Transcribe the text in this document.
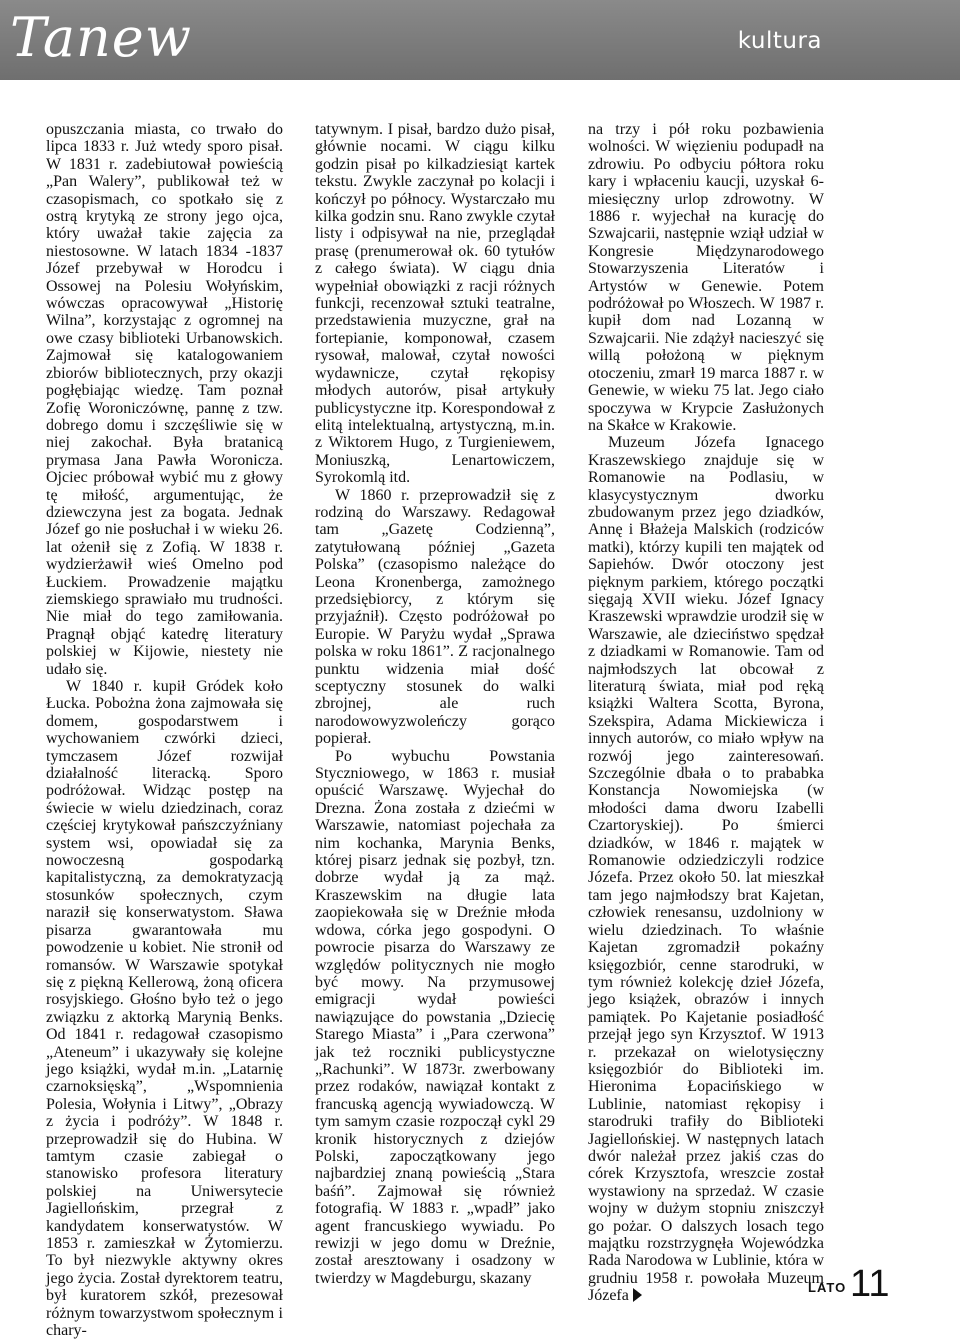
Tanew	kultura

opuszczania miasta, co trwało do lipca 1833 r. Już wtedy sporo pisał. W 1831 r. zadebiutował powieścią „Pan Walery”, publikował też w czasopismach, co spotkało się z ostrą krytyką ze strony jego ojca, który uważał takie zajęcia za niestosowne. W latach 1834 -1837 Józef przebywał w Horodcu i Ossowej na Polesiu Wołyńskim, wówczas opracowywał „Historię Wilna”, korzystając z ogromnej na owe czasy biblioteki Urbanowskich. Zajmował się katalogowaniem zbiorów bibliotecznych, przy okazji pogłębiając wiedzę. Tam poznał Zofię Woroniczównę, pannę z tzw. dobrego domu i szczęśliwie się w niej zakochał. Była bratanicą prymasa Jana Pawła Woronicza. Ojciec próbował wybić mu z głowy tę miłość, argumentując, że dziewczyna jest za bogata. Jednak Józef go nie posłuchał i w wieku 26. lat ożenił się z Zofią. W 1838 r. wydzierżawił wieś Omelno pod Łuckiem. Prowadzenie majątku ziemskiego sprawiało mu trudności. Nie miał do tego zamiłowania. Pragnął objąć katedrę literatury polskiej w Kijowie, niestety nie udało się.

W 1840 r. kupił Gródek koło Łucka. Pobożna żona zajmowała się domem, gospodarstwem i wychowaniem czwórki dzieci, tymczasem Józef rozwijał działalność literacką. Sporo podróżował. Widząc postęp na świecie w wielu dziedzinach, coraz częściej krytykował pańszczyźniany system wsi, opowiadał się za nowoczesną gospodarką kapitalistyczną, za demokratyzacją stosunków społecznych, czym naraził się konserwatystom. Sława pisarza gwarantowała mu powodzenie u kobiet. Nie stronił od romansów. W Warszawie spotykał się z piękną Kellerową, żoną oficera rosyjskiego. Głośno było też o jego związku z aktorką Marynią Benks. Od 1841 r. redagował czasopismo „Ateneum” i ukazywały się kolejne jego książki, wydał m.in. „Latarnię czarnoksięską”, „Wspomnienia Polesia, Wołynia i Litwy”, „Obrazy z życia i podróży”. W 1848 r. przeprowadził się do Hubina. W tamtym czasie zabiegał o stanowisko profesora literatury polskiej na Uniwersytecie Jagiellońskim, przegrał z kandydatem konserwatystów. W 1853 r. zamieszkał w Żytomierzu. To był niezwykle aktywny okres jego życia. Został dyrektorem teatru, był kuratorem szkół, prezesował różnym towarzystwom społecznym i chary-

tatywnym. I pisał, bardzo dużo pisał, głównie nocami. W ciągu kilku godzin pisał po kilkadziesiąt kartek tekstu. Zwykle zaczynał po kolacji i kończył po północy. Wystarczało mu kilka godzin snu. Rano zwykle czytał listy i odpisywał na nie, przeglądał prasę (prenumerował ok. 60 tytułów z całego świata). W ciągu dnia wypełniał obowiązki z racji różnych funkcji, recenzował sztuki teatralne, przedstawienia muzyczne, grał na fortepianie, komponował, czasem rysował, malował, czytał nowości wydawnicze, czytał rękopisy młodych autorów, pisał artykuły publicystyczne itp. Korespondował z elitą intelektualną, artystyczną, m.in. z Wiktorem Hugo, z Turgieniewem, Moniuszką, Lenartowiczem, Syrokomlą itd.

W 1860 r. przeprowadził się z rodziną do Warszawy. Redagował tam „Gazetę Codzienną”, zatytułowaną później „Gazeta Polska” (czasopismo należące do Leona Kronenberga, zamożnego przedsiębiorcy, z którym się przyjaźnił). Często podróżował po Europie. W Paryżu wydał „Sprawa polska w roku 1861”. Z racjonalnego punktu widzenia miał dość sceptyczny stosunek do walki zbrojnej, ale ruch narodowowyzwoleńczy gorąco popierał.

Po wybuchu Powstania Styczniowego, w 1863 r. musiał opuścić Warszawę. Wyjechał do Drezna. Żona została z dziećmi w Warszawie, natomiast pojechała za nim kochanka, Marynia Benks, której pisarz jednak się pozbył, tzn. dobrze wydał ją za mąż. Kraszewskim na długie lata zaopiekowała się w Dreźnie młoda wdowa, córka jego gospodyni. O powrocie pisarza do Warszawy ze względów politycznych nie mogło być mowy. Na przymusowej emigracji wydał powieści nawiązujące do powstania „Dziecię Starego Miasta” i „Para czerwona” jak też roczniki publicystyczne „Rachunki”. W 1873r. zwerbowany przez rodaków, nawiązał kontakt z francuską agencją wywiadowczą. W tym samym czasie rozpoczął cykl 29 kronik historycznych z dziejów Polski, zapoczątkowany jego najbardziej znaną powieścią „Stara baśń”. Zajmował się również fotografią. W 1883 r. „wpadł” jako agent francuskiego wywiadu. Po rewizji w jego domu w Dreźnie, został aresztowany i osadzony w twierdzy w Magdeburgu, skazany

na trzy i pół roku pozbawienia wolności. W więzieniu podupadł na zdrowiu. Po odbyciu półtora roku kary i wpłaceniu kaucji, uzyskał 6-miesięczny urlop zdrowotny. W 1886 r. wyjechał na kurację do Szwajcarii, następnie wziął udział w Kongresie Międzynarodowego Stowarzyszenia Literatów i Artystów w Genewie. Potem podróżował po Włoszech. W 1987 r. kupił dom nad Lozanną w Szwajcarii. Nie zdążył nacieszyć się willą położoną w pięknym otoczeniu, zmarł 19 marca 1887 r. w Genewie, w wieku 75 lat. Jego ciało spoczywa w Krypcie Zasłużonych na Skałce w Krakowie.

Muzeum Józefa Ignacego Kraszewskiego znajduje się w Romanowie na Podlasiu, w klasycystycznym dworku zbudowanym przez jego dziadków, Annę i Błażeja Malskich (rodziców matki), którzy kupili ten majątek od Sapiehów. Dwór otoczony jest pięknym parkiem, którego początki sięgają XVII wieku. Józef Ignacy Kraszewski wprawdzie urodził się w Warszawie, ale dzieciństwo spędzał z dziadkami w Romanowie. Tam od najmłodszych lat obcował z literaturą świata, miał pod ręką książki Waltera Scotta, Byrona, Szekspira, Adama Mickiewicza i innych autorów, co miało wpływ na rozwój jego zainteresowań. Szczególnie dbała o to prababka Konstancja Nowomiejska (w młodości dama dworu Izabelli Czartoryskiej). Po śmierci dziadków, w 1846 r. majątek w Romanowie odziedziczyli rodzice Józefa. Przez około 50. lat mieszkał tam jego najmłodszy brat Kajetan, człowiek renesansu, uzdolniony w wielu dziedzinach. To właśnie Kajetan zgromadził pokaźny księgozbiór, cenne starodruki, w tym również kolekcję dzieł Józefa, jego książek, obrazów i innych pamiątek. Po Kajetanie posiadłość przejął jego syn Krzysztof. W 1913 r. przekazał on wielotysięczny księgozbiór do Biblioteki im. Hieronima Łopacińskiego w Lublinie, natomiast rękopisy i starodruki trafiły do Biblioteki Jagiellońskiej. W następnych latach dwór należał przez jakiś czas do córek Krzysztofa, wreszcie został wystawiony na sprzedaż. W czasie wojny w dużym stopniu zniszczył go pożar. O dalszych losach tego majątku rozstrzygnęła Wojewódzka Rada Narodowa w Lublinie, która w grudniu 1958 r. powołała Muzeum Józefa	LATO 11
